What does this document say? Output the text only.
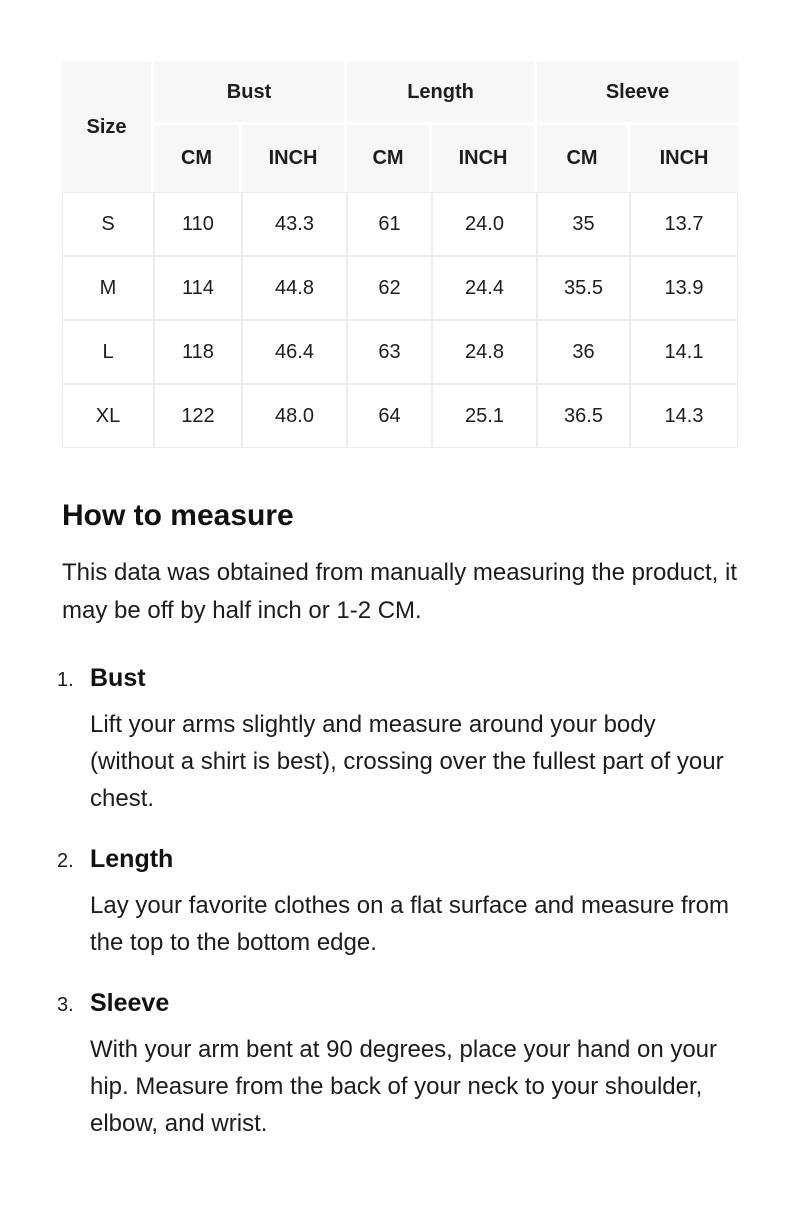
Size	Bust		Length		Sleeve	
	CM	INCH	CM	INCH	CM	INCH
S	110	43.3	61	24.0	35	13.7
M	114	44.8	62	24.4	35.5	13.9
L	118	46.4	63	24.8	36	14.1
XL	122	48.0	64	25.1	36.5	14.3
How to measure

This data was obtained from manually measuring the product, it may be off by half inch or 1-2 CM.

1. Bust

Lift your arms slightly and measure around your body (without a shirt is best), crossing over the fullest part of your chest.

2. Length

Lay your favorite clothes on a flat surface and measure from the top to the bottom edge.

3. Sleeve

With your arm bent at 90 degrees, place your hand on your hip. Measure from the back of your neck to your shoulder, elbow, and wrist.
